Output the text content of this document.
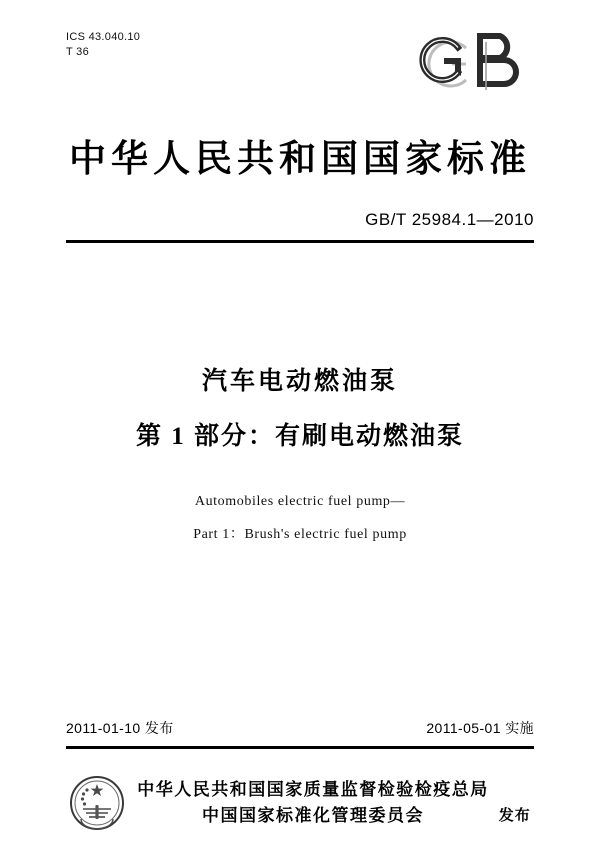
ICS 43.040.10
T 36
中华人民共和国国家标准
GB/T 25984.1—2010
汽车电动燃油泵
第 1 部分：有刷电动燃油泵
Automobiles electric fuel pump—
Part 1：Brush's electric fuel pump
2011-01-10 发布	2011-05-01 实施
中华人民共和国国家质量监督检验检疫总局
中国国家标准化管理委员会	发布
